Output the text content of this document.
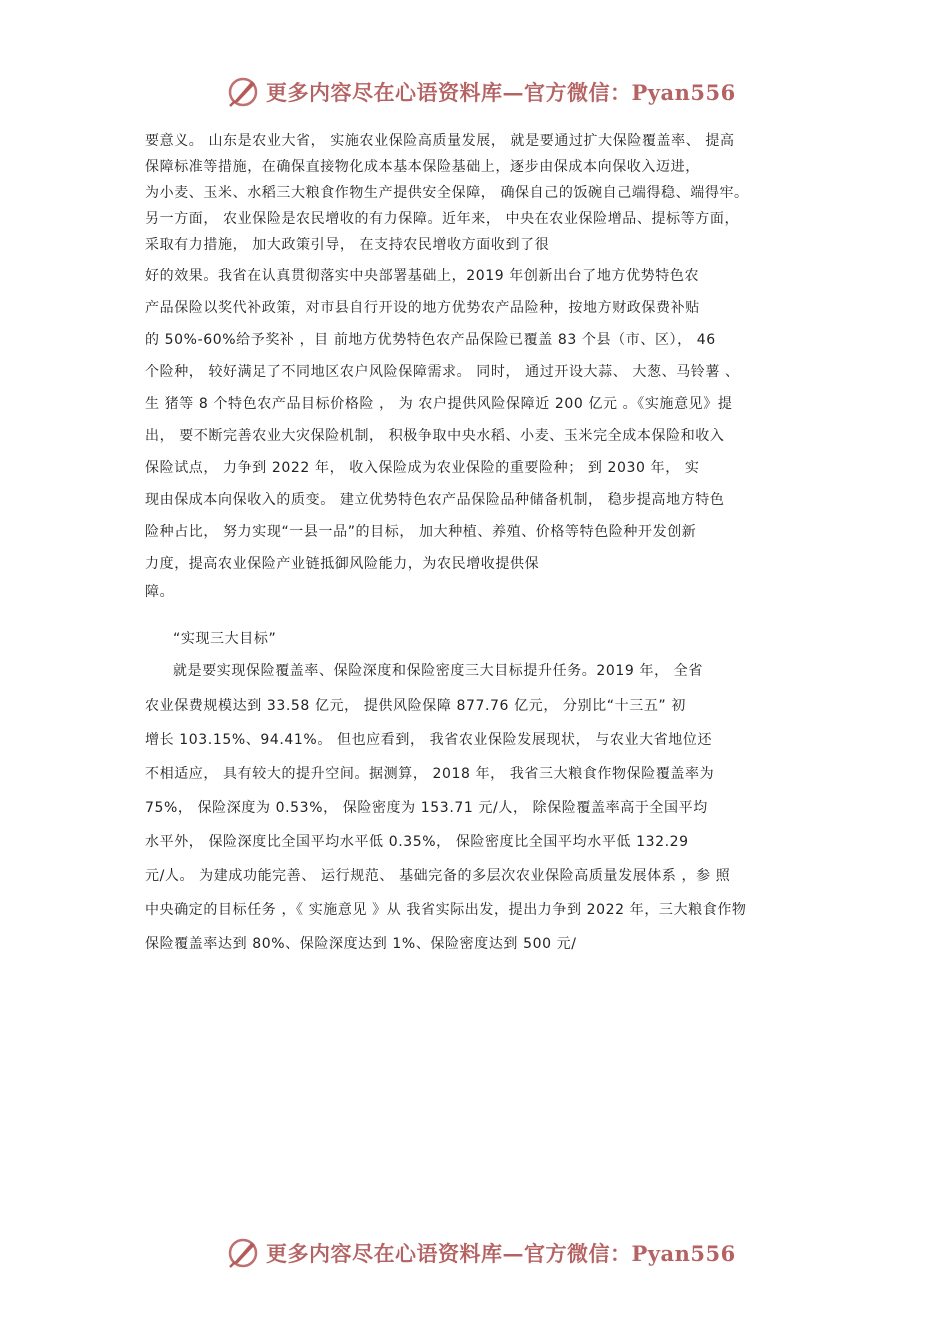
更多内容尽在心语资料库—官方微信：Pyan556
要意义。 山东是农业大省， 实施农业保险高质量发展， 就是要通过扩大保险覆盖率、 提高
保障标准等措施，在确保直接物化成本基本保险基础上，逐步由保成本向保收入迈进，
为小麦、玉米、水稻三大粮食作物生产提供安全保障， 确保自己的饭碗自己端得稳、端得牢。
另一方面， 农业保险是农民增收的有力保障。近年来， 中央在农业保险增品、提标等方面，
采取有力措施， 加大政策引导， 在支持农民增收方面收到了很
好的效果。我省在认真贯彻落实中央部署基础上，2019 年创新出台了地方优势特色农
产品保险以奖代补政策，对市县自行开设的地方优势农产品险种，按地方财政保费补贴
的 50%-60%给予奖补 ，目 前地方优势特色农产品保险已覆盖 83 个县（市、区）， 46
个险种， 较好满足了不同地区农户风险保障需求。 同时， 通过开设大蒜、 大葱、马铃薯 、
生 猪等 8 个特色农产品目标价格险 ， 为 农户提供风险保障近 200 亿元 。《实施意见》提
出， 要不断完善农业大灾保险机制， 积极争取中央水稻、小麦、玉米完全成本保险和收入
保险试点， 力争到 2022 年， 收入保险成为农业保险的重要险种； 到 2030 年， 实
现由保成本向保收入的质变。 建立优势特色农产品保险品种储备机制， 稳步提高地方特色
险种占比， 努力实现“一县一品”的目标， 加大种植、养殖、价格等特色险种开发创新
力度，提高农业保险产业链抵御风险能力，为农民增收提供保
障。
“实现三大目标”
就是要实现保险覆盖率、保险深度和保险密度三大目标提升任务。2019 年， 全省
农业保费规模达到 33.58 亿元， 提供风险保障 877.76 亿元， 分别比“十三五” 初
增长 103.15%、94.41%。 但也应看到， 我省农业保险发展现状， 与农业大省地位还
不相适应， 具有较大的提升空间。据测算， 2018 年， 我省三大粮食作物保险覆盖率为
75%， 保险深度为 0.53%， 保险密度为 153.71 元/人， 除保险覆盖率高于全国平均
水平外， 保险深度比全国平均水平低 0.35%， 保险密度比全国平均水平低 132.29
元/人。 为建成功能完善、 运行规范、 基础完备的多层次农业保险高质量发展体系 ，参 照
中央确定的目标任务 ，《 实施意见 》从 我省实际出发，提出力争到 2022 年，三大粮食作物
保险覆盖率达到 80%、保险深度达到 1%、保险密度达到 500 元/
更多内容尽在心语资料库—官方微信：Pyan556
